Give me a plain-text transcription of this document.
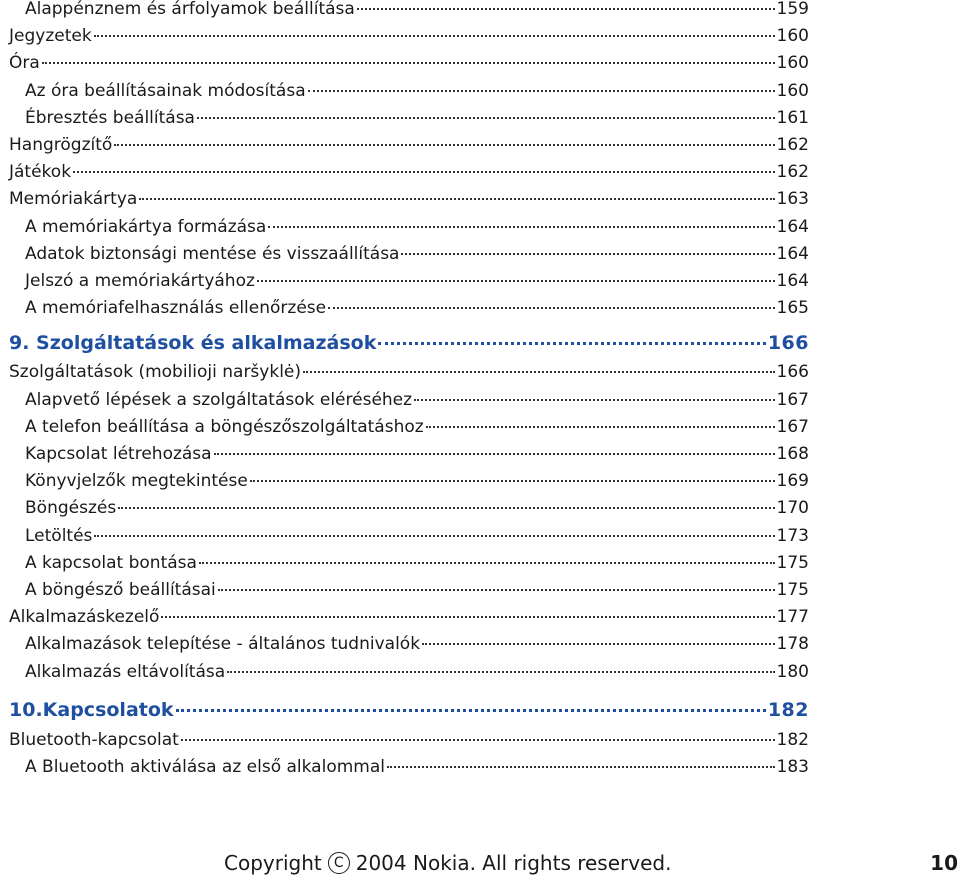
Alappénznem és árfolyamok beállítása	159
Jegyzetek	160
Óra	160
Az óra beállításainak módosítása	160
Ébresztés beállítása	161
Hangrögzítő	162
Játékok	162
Memóriakártya	163
A memóriakártya formázása	164
Adatok biztonsági mentése és visszaállítása	164
Jelszó a memóriakártyához	164
A memóriafelhasználás ellenőrzése	165
9. Szolgáltatások és alkalmazások	166
Szolgáltatások (mobilioji naršyklė)	166
Alapvető lépések a szolgáltatások eléréséhez	167
A telefon beállítása a böngészőszolgáltatáshoz	167
Kapcsolat létrehozása	168
Könyvjelzők megtekintése	169
Böngészés	170
Letöltés	173
A kapcsolat bontása	175
A böngésző beállításai	175
Alkalmazáskezelő	177
Alkalmazások telepítése - általános tudnivalók	178
Alkalmazás eltávolítása	180
10.Kapcsolatok	182
Bluetooth-kapcsolat	182
A Bluetooth aktiválása az első alkalommal	183
Copyright C 2004 Nokia. All rights reserved.	10
